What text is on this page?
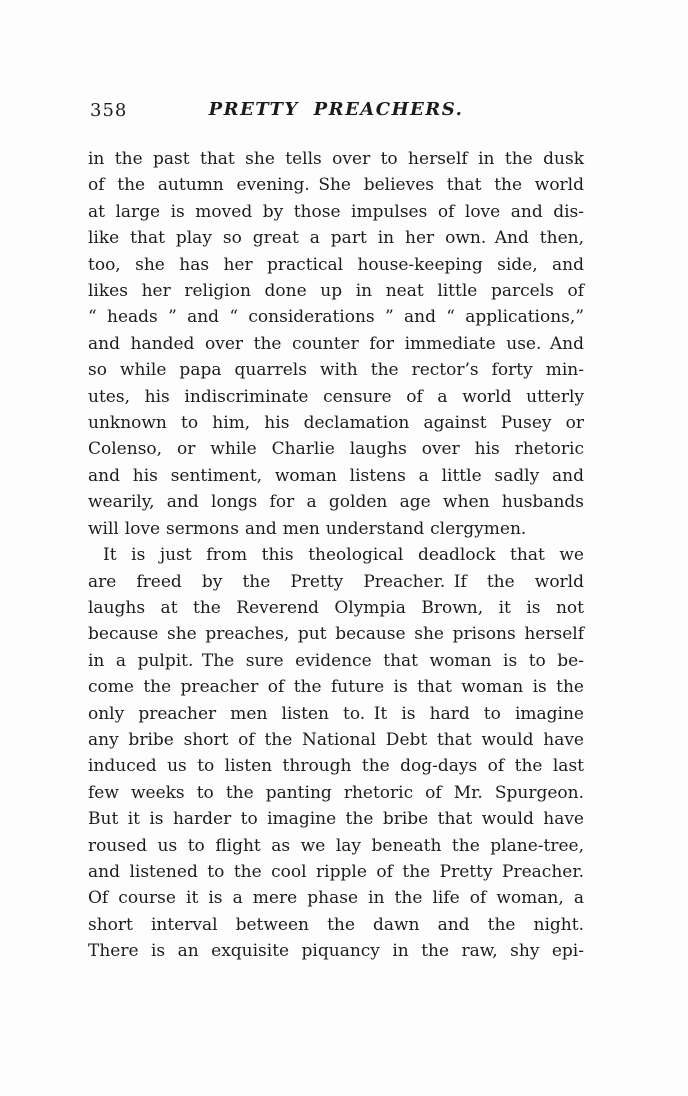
358	PRETTY PREACHERS.
in the past that she tells over to herself in the dusk
of the autumn evening. She believes that the world
at large is moved by those impulses of love and dis-
like that play so great a part in her own. And then,
too, she has her practical house-keeping side, and
likes her religion done up in neat little parcels of
“ heads ” and “ considerations ” and “ applications,”
and handed over the counter for immediate use. And
so while papa quarrels with the rector’s forty min-
utes, his indiscriminate censure of a world utterly
unknown to him, his declamation against Pusey or
Colenso, or while Charlie laughs over his rhetoric
and his sentiment, woman listens a little sadly and
wearily, and longs for a golden age when husbands
will love sermons and men understand clergymen.
It is just from this theological deadlock that we
are freed by the Pretty Preacher. If the world
laughs at the Reverend Olympia Brown, it is not
because she preaches, put because she prisons herself
in a pulpit. The sure evidence that woman is to be-
come the preacher of the future is that woman is the
only preacher men listen to. It is hard to imagine
any bribe short of the National Debt that would have
induced us to listen through the dog-days of the last
few weeks to the panting rhetoric of Mr. Spurgeon.
But it is harder to imagine the bribe that would have
roused us to flight as we lay beneath the plane-tree,
and listened to the cool ripple of the Pretty Preacher.
Of course it is a mere phase in the life of woman, a
short interval between the dawn and the night.
There is an exquisite piquancy in the raw, shy epi-
